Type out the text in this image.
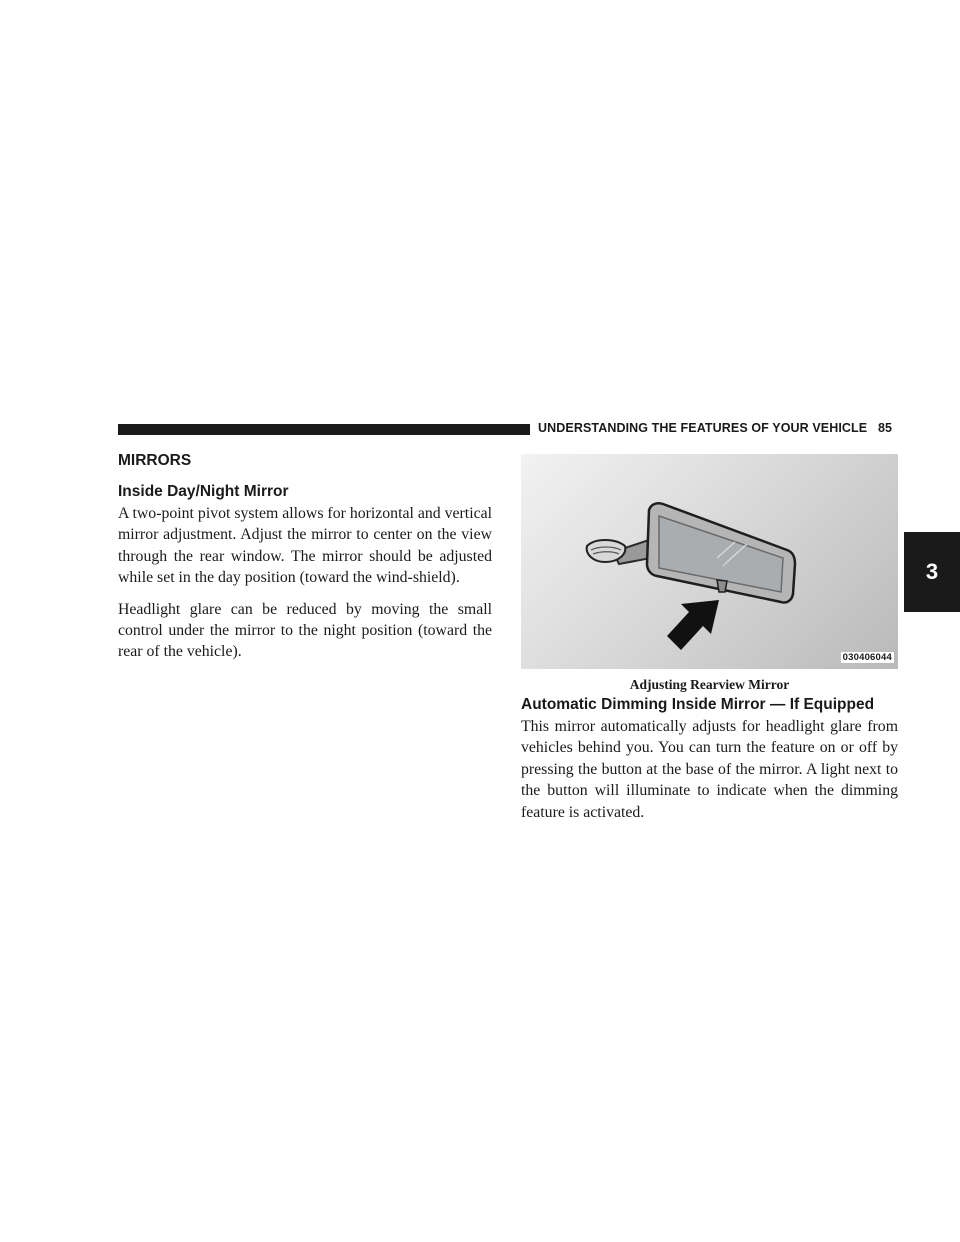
UNDERSTANDING THE FEATURES OF YOUR VEHICLE 85
3
MIRRORS
Inside Day/Night Mirror

A two-point pivot system allows for horizontal and vertical mirror adjustment. Adjust the mirror to center on the view through the rear window. The mirror should be adjusted while set in the day position (toward the wind-shield).

Headlight glare can be reduced by moving the small control under the mirror to the night position (toward the rear of the vehicle).	030406044
Adjusting Rearview Mirror
Automatic Dimming Inside Mirror — If Equipped

This mirror automatically adjusts for headlight glare from vehicles behind you. You can turn the feature on or off by pressing the button at the base of the mirror. A light next to the button will illuminate to indicate when the dimming feature is activated.
